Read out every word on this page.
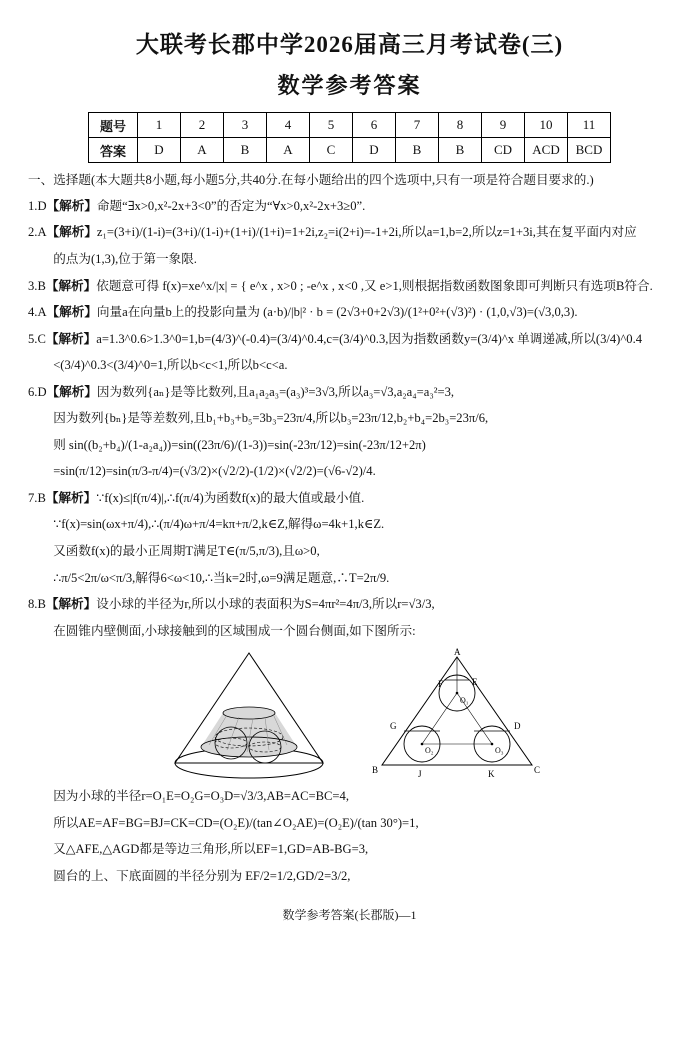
大联考长郡中学2026届高三月考试卷(三)
数学参考答案
题号	1	2	3	4	5	6	7	8	9	10	11
答案	D	A	B	A	C	D	B	B	CD	ACD	BCD
一、选择题(本大题共8小题,每小题5分,共40分.在每小题给出的四个选项中,只有一项是符合题目要求的.)
1.D【解析】命题“∃x>0,x²-2x+3<0”的否定为“∀x>0,x²-2x+3≥0”.
2.A【解析】z₁=(3+i)/(1-i)=(3+i)/(1-i)+(1+i)/(1+i)=1+2i,z₂=i(2+i)=-1+2i,所以a=1,b=2,所以z=1+3i,其在复平面内对应
的点为(1,3),位于第一象限.
3.B【解析】依题意可得 f(x)=xe^x/|x| = { e^x , x>0 ; -e^x , x<0 ,又 e>1,则根据指数函数图象即可判断只有选项B符合.
4.A【解析】向量a在向量b上的投影向量为 (a·b)/|b|² · b = (2√3+0+2√3)/(1²+0²+(√3)²) · (1,0,√3)=(√3,0,3).
5.C【解析】a=1.3^0.6>1.3^0=1,b=(4/3)^(-0.4)=(3/4)^0.4,c=(3/4)^0.3,因为指数函数y=(3/4)^x 单调递减,所以(3/4)^0.4
<(3/4)^0.3<(3/4)^0=1,所以b<c<1,所以b<c<a.
6.D【解析】因为数列{aₙ}是等比数列,且a₁a₂a₃=(a₃)³=3√3,所以a₃=√3,a₂a₄=a₃²=3,
因为数列{bₙ}是等差数列,且b₁+b₃+b₅=3b₃=23π/4,所以b₃=23π/12,b₂+b₄=2b₃=23π/6,
则 sin((b₂+b₄)/(1-a₂a₄))=sin((23π/6)/(1-3))=sin(-23π/12)=sin(-23π/12+2π)
=sin(π/12)=sin(π/3-π/4)=(√3/2)×(√2/2)-(1/2)×(√2/2)=(√6-√2)/4.
7.B【解析】∵f(x)≤|f(π/4)|,∴f(π/4)为函数f(x)的最大值或最小值.
∵f(x)=sin(ωx+π/4),∴(π/4)ω+π/4=kπ+π/2,k∈Z,解得ω=4k+1,k∈Z.
又函数f(x)的最小正周期T满足T∈(π/5,π/3),且ω>0,
∴π/5<2π/ω<π/3,解得6<ω<10,∴当k=2时,ω=9满足题意,∴T=2π/9.
8.B【解析】设小球的半径为r,所以小球的表面积为S=4πr²=4π/3,所以r=√3/3,
在圆锥内壁侧面,小球接触到的区域围成一个圆台侧面,如下图所示:
A
F	E
O₁
G
O₂	O₃
D
B	J	K	C
因为小球的半径r=O₁E=O₂G=O₃D=√3/3,AB=AC=BC=4,
所以AE=AF=BG=BJ=CK=CD=(O₂E)/(tan∠O₂AE)=(O₂E)/(tan 30°)=1,
又△AFE,△AGD都是等边三角形,所以EF=1,GD=AB-BG=3,
圆台的上、下底面圆的半径分别为 EF/2=1/2,GD/2=3/2,
数学参考答案(长郡版)—1
